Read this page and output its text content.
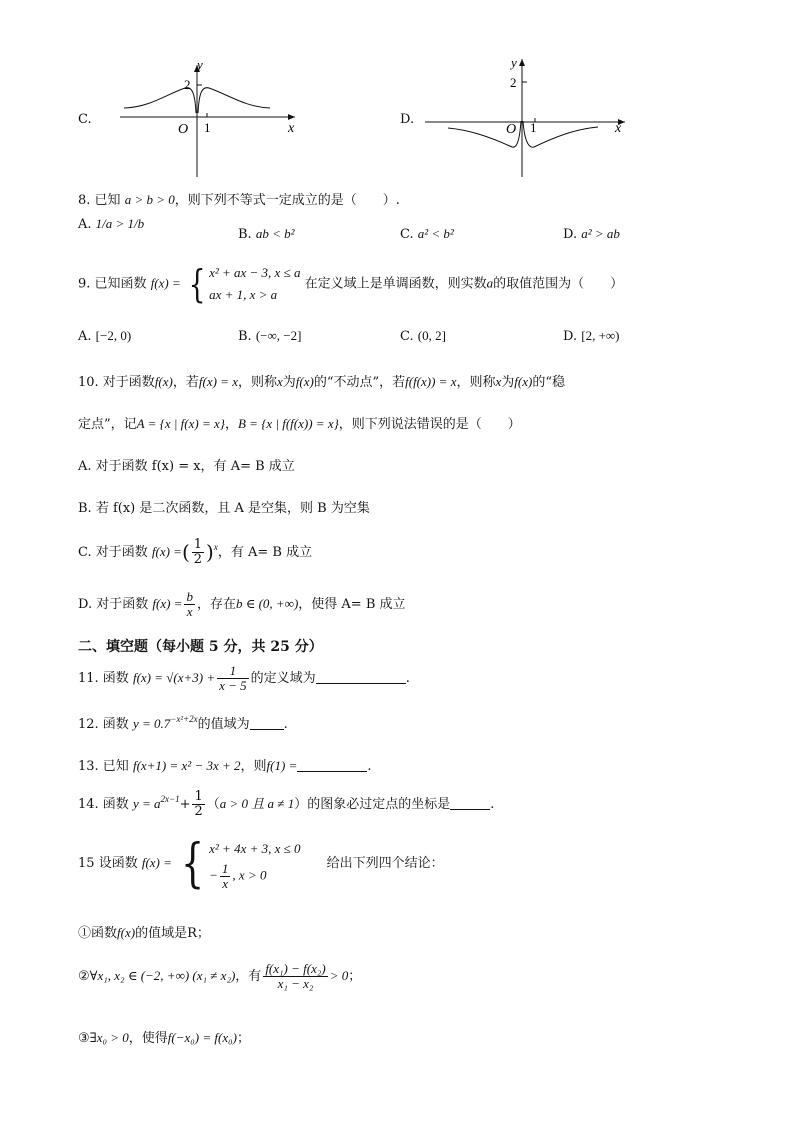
C.
y
x
O
2
1
D.
y
x
O
2
1
8. 已知 a > b > 0，则下列不等式一定成立的是（　　）.
A. 1/a > 1/b
B. ab < b²	C. a² < b²	D. a² > ab
9. 已知函数 f(x) = { x² + ax − 3, x ≤ a
ax + 1, x > a
在定义域上是单调函数，则实数a的取值范围为（　　）
A. [−2, 0)	B. (−∞, −2]	C. (0, 2]	D. [2, +∞)
10. 对于函数f(x)，若f(x) = x，则称x为f(x)的“不动点”，若f(f(x)) = x，则称x为f(x)的“稳
定点”，记A = {x | f(x) = x}，B = {x | f(f(x)) = x}，则下列说法错误的是（　　）
A. 对于函数 f(x) = x，有 A= B 成立
B. 若 f(x) 是二次函数，且 A 是空集，则 B 为空集
C. 对于函数 f(x) =( $\frac{1}{2} )^x$，有 A= B 成立
D. 对于函数 $f(x) = \frac{b}{x}$ ，存在b ∈ (0, +∞)，使得 A= B 成立
二、填空题（每小题 5 分，共 25 分）
11. 函数 $f(x) = √(x+3) + \frac{1}{x - 5}$ 的定义域为	.
12. 函数 $y = 0.7^{-x^2+2x}$的值域为	.
13. 已知 f(x+1) = x² − 3x + 2，则f(1) =	.
14. 函数 $y = a^{2x-1}+ \frac{1}{2} (a > 0$ 且 a ≠ 1）的图象必过定点的坐标是	.
15 设函数 f(x) = { x² + 4x + 3, x ≤ 0
− $\frac{1}{x}$ , x > 0
给出下列四个结论：
①函数f(x)的值域是R；
②∀x₁, x₂ ∈ (−2, +∞) (x₁ ≠ x₂)，有 $\frac{\text{f(x₁) − f(x₂)}}{\text{x₁ − x₂}} > 0$；
③∃x₀ > 0，使得f(−x₀) = f(x₀)；
